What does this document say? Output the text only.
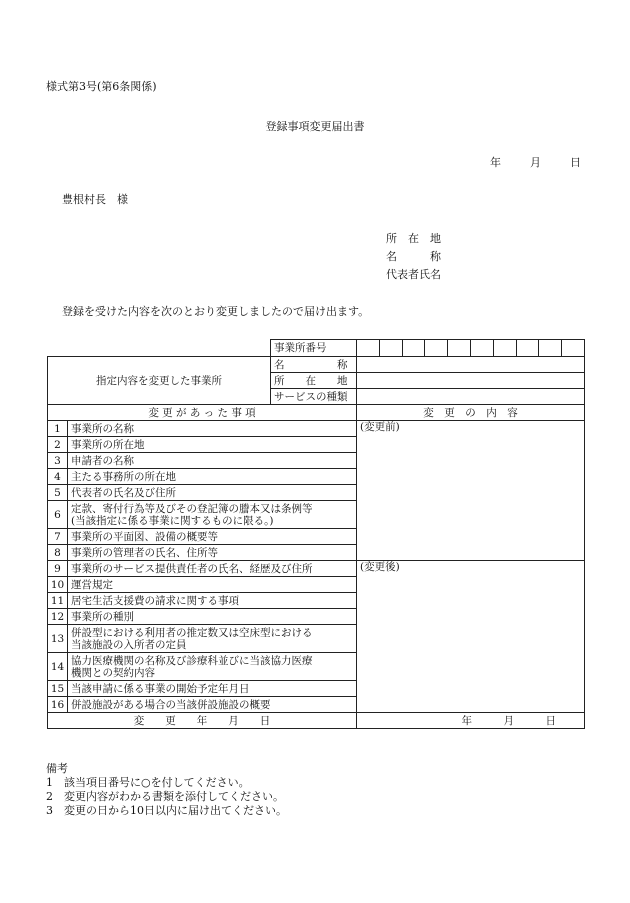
様式第3号(第6条関係)
登録事項変更届出書
年	月	日
豊根村長　様
所　在　地
名　　　称
代表者氏名
登録を受けた内容を次のとおり変更しましたので届け出ます。
		事業所番号	

指定内容を変更した事業所		名　　　　　称	
		所　　在　　地	
		サービスの種類	
変 更 が あ っ た 事 項			変　更　の　内　容
1	事業所の名称		(変更前)
2	事業所の所在地		
3	申請者の名称		
4	主たる事務所の所在地		
5	代表者の氏名及び住所		
6	定款、寄付行為等及びその登記簿の謄本又は条例等
(当該指定に係る事業に関するものに限る。)		

7	事業所の平面図、設備の概要等		
8	事業所の管理者の氏名、住所等		
9	事業所のサービス提供責任者の氏名、経歴及び住所		(変更後)
10	運営規定		
11	居宅生活支援費の請求に関する事項		
12	事業所の種別		
13	併設型における利用者の推定数又は空床型における
当該施設の入所者の定員		

14	協力医療機関の名称及び診療科並びに当該協力医療
機関との契約内容		

15	当該申請に係る事業の開始予定年月日		
16	併設施設がある場合の当該併設施設の概要		
変　　更　　年　　月　　日			年　　　月　　　日
備考
1　該当項目番号に○を付してください。
2　変更内容がわかる書類を添付してください。
3　変更の日から10日以内に届け出てください。
